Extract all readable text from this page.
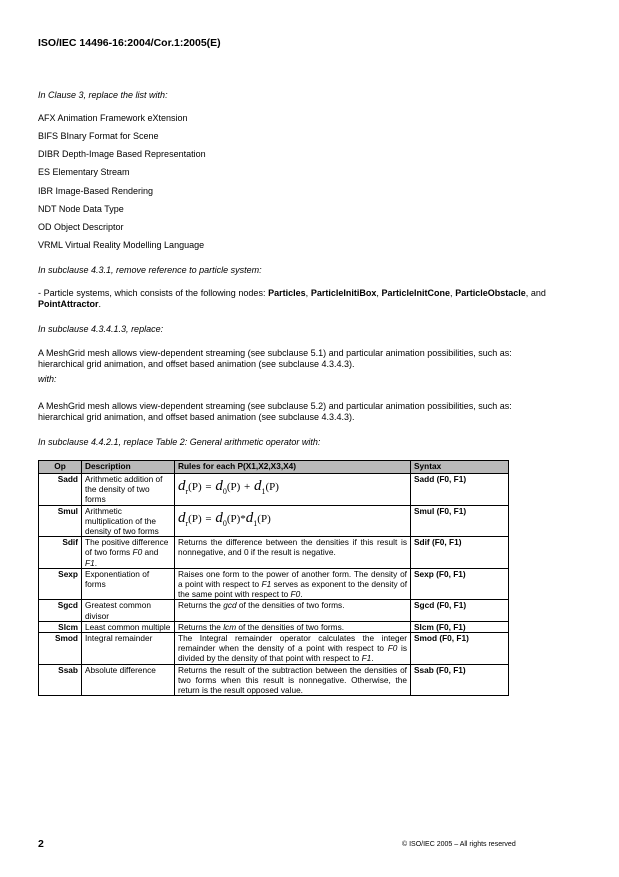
ISO/IEC 14496-16:2004/Cor.1:2005(E)
In Clause 3, replace the list with:
AFX Animation Framework eXtension
BIFS BInary Format for Scene
DIBR Depth-Image Based Representation
ES Elementary Stream
IBR Image-Based Rendering
NDT Node Data Type
OD Object Descriptor
VRML Virtual Reality Modelling Language
In subclause 4.3.1, remove reference to particle system:
- Particle systems, which consists of the following nodes: Particles, ParticleInitiBox, ParticleInitCone, ParticleObstacle, and PointAttractor.
In subclause 4.3.4.1.3, replace:
A MeshGrid mesh allows view-dependent streaming (see subclause 5.1) and particular animation possibilities, such as: hierarchical grid animation, and offset based animation (see subclause 4.3.4.3).
with:
A MeshGrid mesh allows view-dependent streaming (see subclause 5.2) and particular animation possibilities, such as: hierarchical grid animation, and offset based animation (see subclause 4.3.4.3).
In subclause 4.4.2.1, replace Table 2: General arithmetic operator with:
Op	Description	Rules for each P(X1,X2,X3,X4)	Syntax
Sadd	Arithmetic addition of the density of two forms	$d_r(P) = d_0(P) + d_1(P)$	Sadd (F0, F1)
Smul	Arithmetic multiplication of the density of two forms	$d_r(P) = d_0(P)*d_1(P)$	Smul (F0, F1)
Sdif	The positive difference of two forms F0 and F1.	Returns the difference between the densities if this result is nonnegative, and 0 if the result is negative.	Sdif (F0, F1)
Sexp	Exponentiation of forms	Raises one form to the power of another form. The density of a point with respect to F1 serves as exponent to the density of the same point with respect to F0.	Sexp (F0, F1)
Sgcd	Greatest common divisor	Returns the gcd of the densities of two forms.	Sgcd (F0, F1)
Slcm	Least common multiple	Returns the lcm of the densities of two forms.	Slcm (F0, F1)
Smod	Integral remainder	The Integral remainder operator calculates the integer remainder when the density of a point with respect to F0 is divided by the density of that point with respect to F1.	Smod (F0, F1)
Ssab	Absolute difference	Returns the result of the subtraction between the densities of two forms when this result is nonnegative. Otherwise, the return is the result opposed value.	Ssab (F0, F1)
2	© ISO/IEC 2005 – All rights reserved
